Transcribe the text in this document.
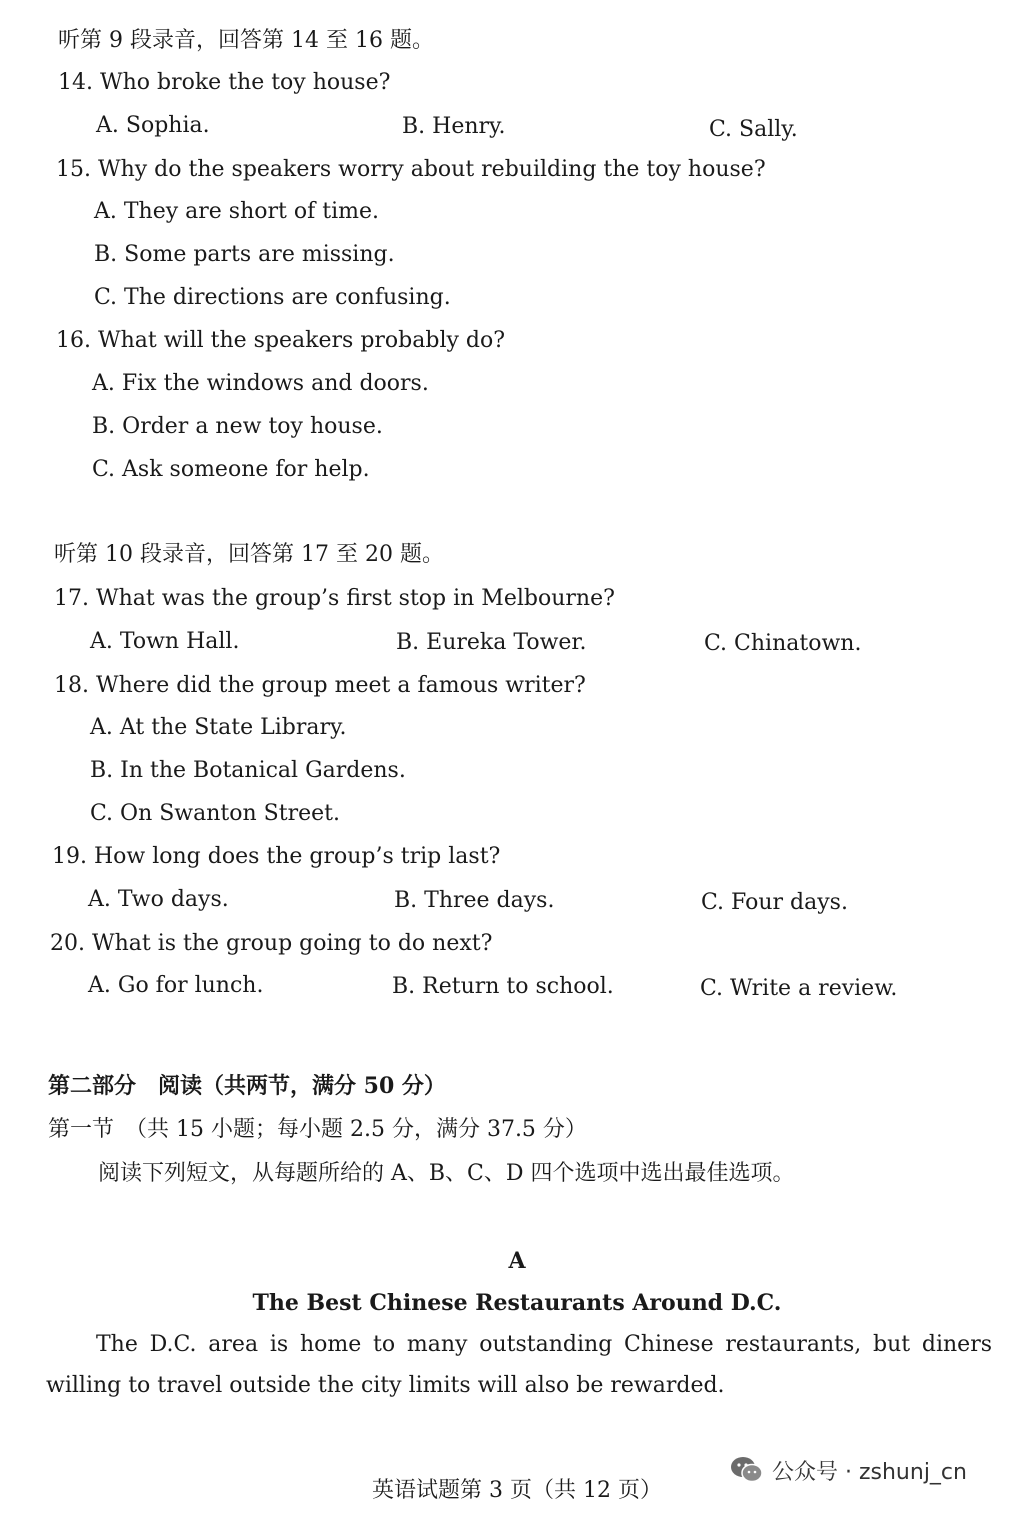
听第 9 段录音，回答第 14 至 16 题。
14. Who broke the toy house?
A. Sophia.	B. Henry.	C. Sally.
15. Why do the speakers worry about rebuilding the toy house?
A. They are short of time.
B. Some parts are missing.
C. The directions are confusing.
16. What will the speakers probably do?
A. Fix the windows and doors.
B. Order a new toy house.
C. Ask someone for help.
听第 10 段录音，回答第 17 至 20 题。
17. What was the group’s first stop in Melbourne?
A. Town Hall.	B. Eureka Tower.	C. Chinatown.
18. Where did the group meet a famous writer?
A. At the State Library.
B. In the Botanical Gardens.
C. On Swanton Street.
19. How long does the group’s trip last?
A. Two days.	B. Three days.	C. Four days.
20. What is the group going to do next?
A. Go for lunch.	B. Return to school.	C. Write a review.
第二部分　阅读（共两节，满分 50 分）
第一节　（共 15 小题；每小题 2.5 分，满分 37.5 分）
阅读下列短文，从每题所给的 A、B、C、D 四个选项中选出最佳选项。
A
The Best Chinese Restaurants Around D.C.
The D.C. area is home to many outstanding Chinese restaurants, but diners willing to travel outside the city limits will also be rewarded.
公众号 · zshunj_cn
英语试题第 3 页（共 12 页）
